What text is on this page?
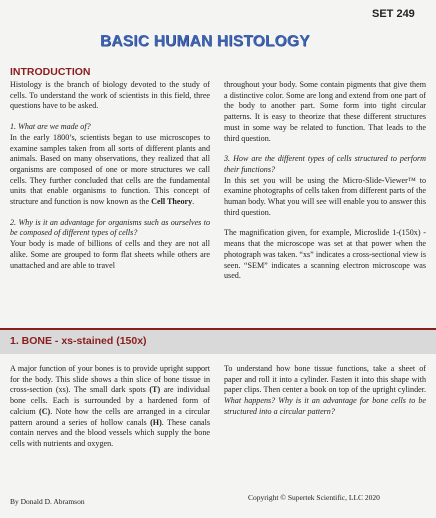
SET 249
BASIC HUMAN HISTOLOGY
INTRODUCTION

Histology is the branch of biology devoted to the study of cells. To understand the work of scientists in this field, three questions have to be asked.

1. What are we made of?
In the early 1800’s, scientists began to use microscopes to examine samples taken from all sorts of different plants and animals. Based on many observations, they realized that all organisms are composed of one or more structures we call cells. They further concluded that cells are the fundamental units that enable organisms to function. This concept of structure and function is now known as the Cell Theory.

2. Why is it an advantage for organisms such as ourselves to be composed of different types of cells?
Your body is made of billions of cells and they are not all alike. Some are grouped to form flat sheets while others are unattached and are able to travel

throughout your body. Some contain pigments that give them a distinctive color. Some are long and extend from one part of the body to another part. Some form into tight circular patterns. It is easy to theorize that these different structures must in some way be related to function. That leads to the third question.

3. How are the different types of cells structured to perform their functions?
In this set you will be using the Micro-Slide-Viewer™ to examine photographs of cells taken from different parts of the human body. What you will see will enable you to answer this third question.

The magnification given, for example, Microslide 1-(150x) - means that the microscope was set at that power when the photograph was taken. “xs” indicates a cross-sectional view is seen. “SEM” indicates a scanning electron microscope was used.

1. BONE - xs-stained (150x)

A major function of your bones is to provide upright support for the body. This slide shows a thin slice of bone tissue in cross-section (xs). The small dark spots (T) are individual bone cells. Each is surrounded by a hardened form of calcium (C). Note how the cells are arranged in a circular pattern around a series of hollow canals (H). These canals contain nerves and the blood vessels which supply the bone cells with nutrients and oxygen.

To understand how bone tissue functions, take a sheet of paper and roll it into a cylinder. Fasten it into this shape with paper clips. Then center a book on top of the upright cylinder. What happens? Why is it an advantage for bone cells to be structured into a circular pattern?

By Donald D. Abramson	Copyright © Supertek Scientific, LLC 2020
